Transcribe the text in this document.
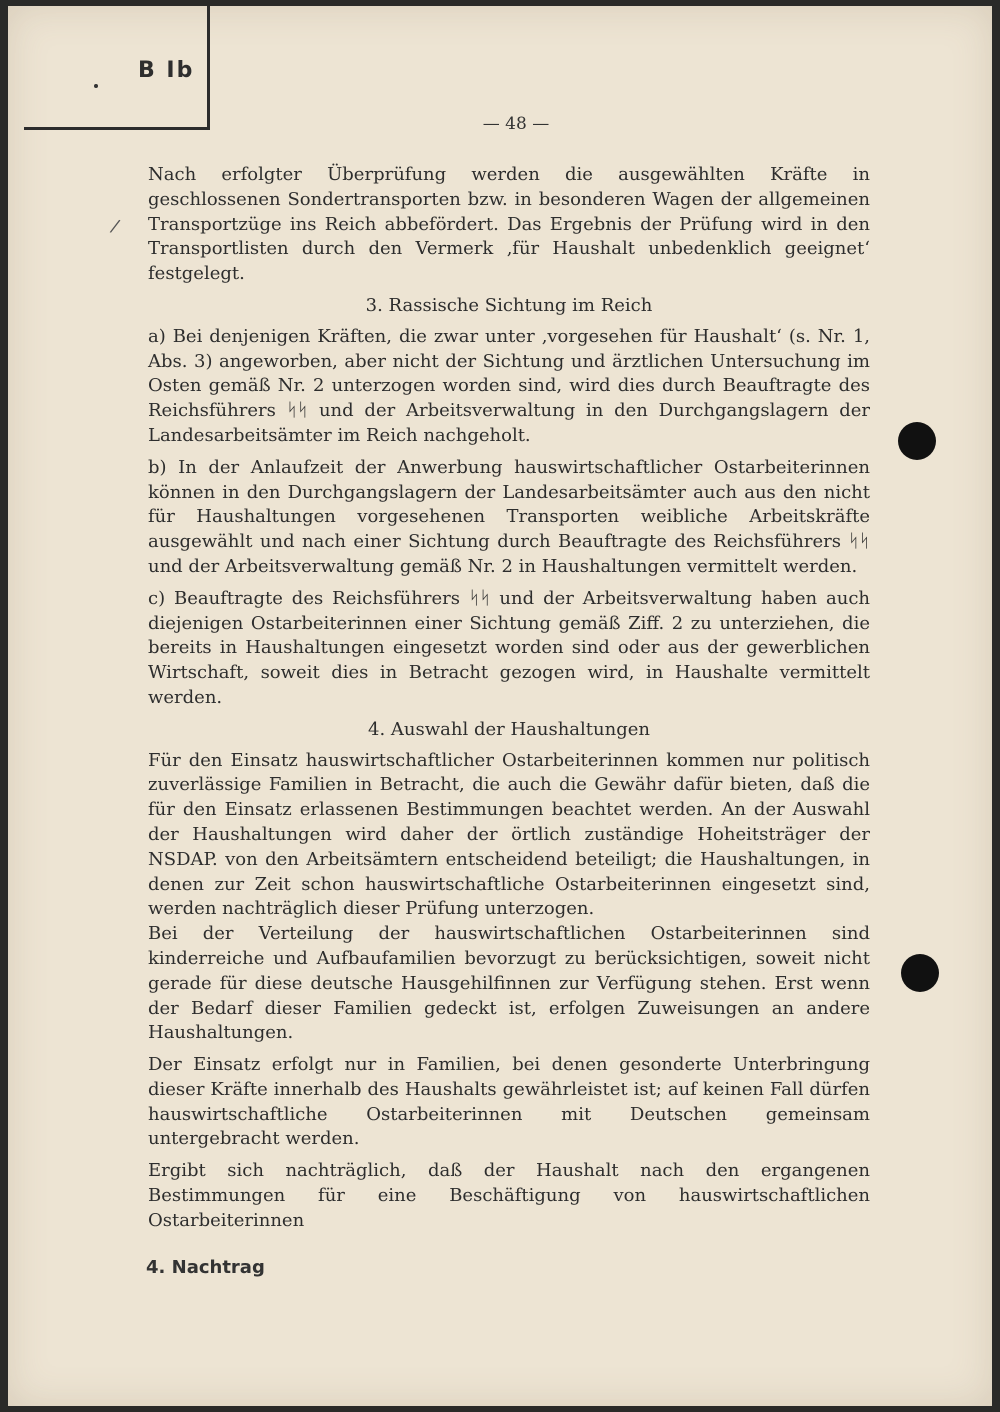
B Ib
— 48 —
/

Nach erfolgter Überprüfung werden die ausgewählten Kräfte in geschlossenen Sondertransporten bzw. in besonderen Wagen der allgemeinen Transportzüge ins Reich abbefördert. Das Ergebnis der Prüfung wird in den Transportlisten durch den Vermerk ‚für Haushalt unbedenklich geeignet‘ festgelegt.

3. Rassische Sichtung im Reich

a) Bei denjenigen Kräften, die zwar unter ‚vorgesehen für Haushalt‘ (s. Nr. 1, Abs. 3) angeworben, aber nicht der Sichtung und ärztlichen Untersuchung im Osten gemäß Nr. 2 unterzogen worden sind, wird dies durch Beauftragte des Reichsführers ᛋᛋ und der Arbeitsverwaltung in den Durchgangslagern der Landesarbeitsämter im Reich nachgeholt.

b) In der Anlaufzeit der Anwerbung hauswirtschaftlicher Ostarbeiterinnen können in den Durchgangslagern der Landesarbeitsämter auch aus den nicht für Haushaltungen vorgesehenen Transporten weibliche Arbeitskräfte ausgewählt und nach einer Sichtung durch Beauftragte des Reichsführers ᛋᛋ und der Arbeitsverwaltung gemäß Nr. 2 in Haushaltungen vermittelt werden.

c) Beauftragte des Reichsführers ᛋᛋ und der Arbeitsverwaltung haben auch diejenigen Ostarbeiterinnen einer Sichtung gemäß Ziff. 2 zu unterziehen, die bereits in Haushaltungen eingesetzt worden sind oder aus der gewerblichen Wirtschaft, soweit dies in Betracht gezogen wird, in Haushalte vermittelt werden.

4. Auswahl der Haushaltungen

Für den Einsatz hauswirtschaftlicher Ostarbeiterinnen kommen nur politisch zuverlässige Familien in Betracht, die auch die Gewähr dafür bieten, daß die für den Einsatz erlassenen Bestimmungen beachtet werden. An der Auswahl der Haushaltungen wird daher der örtlich zuständige Hoheitsträger der NSDAP. von den Arbeitsämtern entscheidend beteiligt; die Haushaltungen, in denen zur Zeit schon hauswirtschaftliche Ostarbeiterinnen eingesetzt sind, werden nachträglich dieser Prüfung unterzogen.

Bei der Verteilung der hauswirtschaftlichen Ostarbeiterinnen sind kinderreiche und Aufbaufamilien bevorzugt zu berücksichtigen, soweit nicht gerade für diese deutsche Hausgehilfinnen zur Verfügung stehen. Erst wenn der Bedarf dieser Familien gedeckt ist, erfolgen Zuweisungen an andere Haushaltungen.

Der Einsatz erfolgt nur in Familien, bei denen gesonderte Unterbringung dieser Kräfte innerhalb des Haushalts gewährleistet ist; auf keinen Fall dürfen hauswirtschaftliche Ostarbeiterinnen mit Deutschen gemeinsam untergebracht werden.

Ergibt sich nachträglich, daß der Haushalt nach den ergangenen Bestimmungen für eine Beschäftigung von hauswirtschaftlichen Ostarbeiterinnen

4. Nachtrag
